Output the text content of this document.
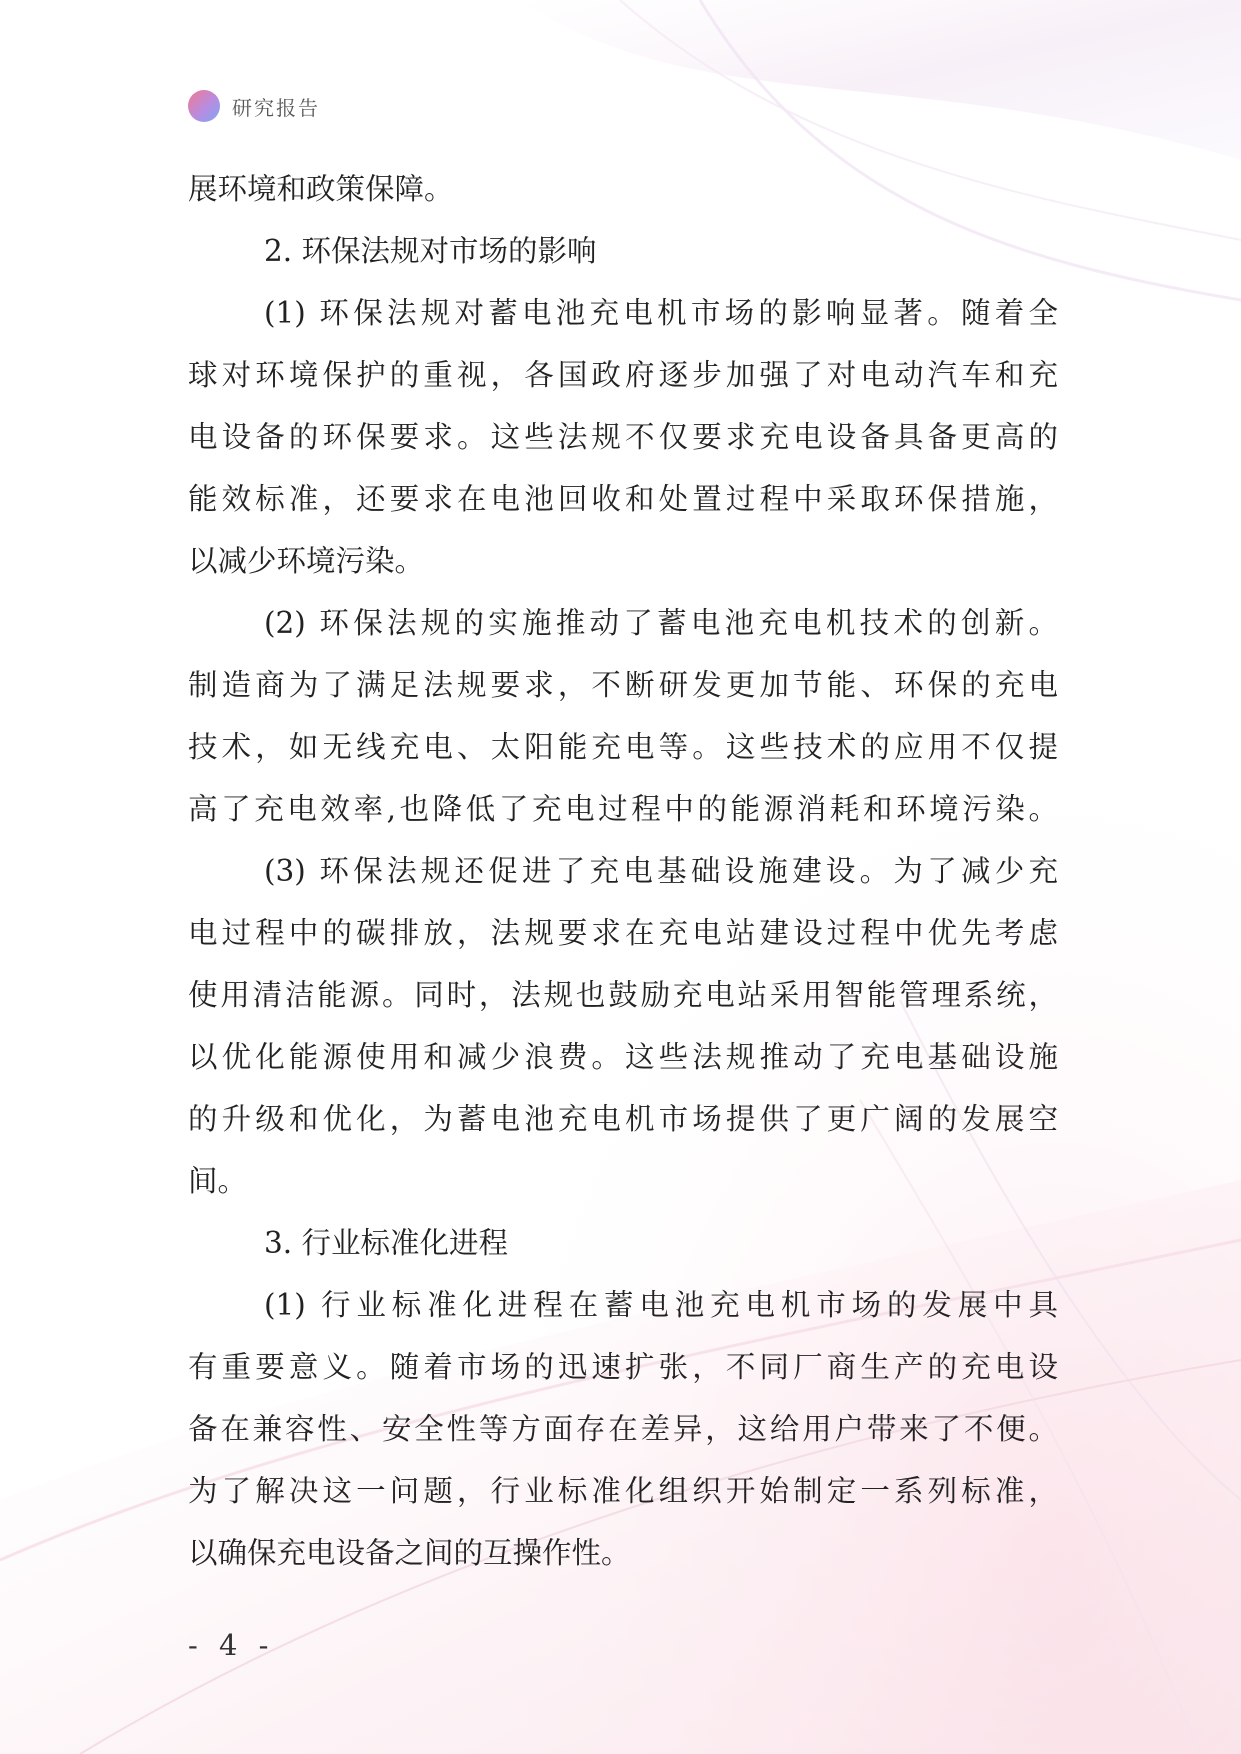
研究报告
展环境和政策保障。
2. 环保法规对市场的影响
(1) 环保法规对蓄电池充电机市场的影响显著。随着全
球对环境保护的重视，各国政府逐步加强了对电动汽车和充
电设备的环保要求。这些法规不仅要求充电设备具备更高的
能效标准，还要求在电池回收和处置过程中采取环保措施，
以减少环境污染。
(2) 环保法规的实施推动了蓄电池充电机技术的创新。
制造商为了满足法规要求，不断研发更加节能、环保的充电
技术，如无线充电、太阳能充电等。这些技术的应用不仅提
高了充电效率,也降低了充电过程中的能源消耗和环境污染。
(3) 环保法规还促进了充电基础设施建设。为了减少充
电过程中的碳排放，法规要求在充电站建设过程中优先考虑
使用清洁能源。同时，法规也鼓励充电站采用智能管理系统，
以优化能源使用和减少浪费。这些法规推动了充电基础设施
的升级和优化，为蓄电池充电机市场提供了更广阔的发展空
间。
3. 行业标准化进程
(1) 行业标准化进程在蓄电池充电机市场的发展中具
有重要意义。随着市场的迅速扩张，不同厂商生产的充电设
备在兼容性、安全性等方面存在差异，这给用户带来了不便。
为了解决这一问题，行业标准化组织开始制定一系列标准，
以确保充电设备之间的互操作性。
- 4 -
